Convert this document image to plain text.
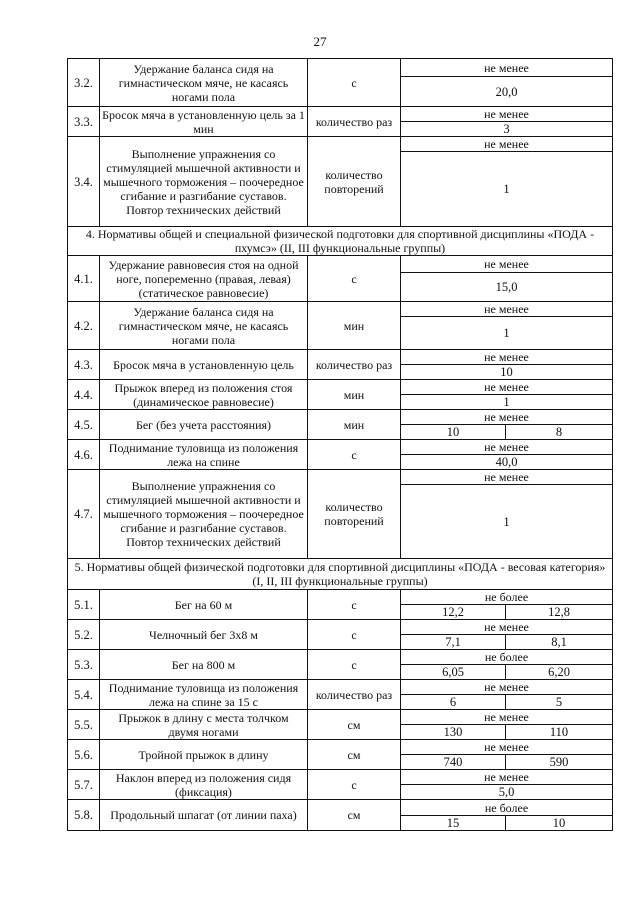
27
3.2.	Удержание баланса сидя на гимнастическом мяче, не касаясь ногами пола	с	не менее	
			20,0	
3.3.	Бросок мяча в установленную цель за 1 мин	количество раз	не менее	
			3	
3.4.	Выполнение упражнения со стимуляцией мышечной активности и мышечного торможения – поочередное сгибание и разгибание суставов. Повтор технических действий	количество повторений	не менее	
			1	
4. Нормативы общей и специальной физической подготовки для спортивной дисциплины «ПОДА - пхумсэ» (II, III функциональные группы)				
4.1.	Удержание равновесия стоя на одной ноге, попеременно (правая, левая) (статическое равновесие)	с	не менее	
			15,0	
4.2.	Удержание баланса сидя на гимнастическом мяче, не касаясь ногами пола	мин	не менее	
			1	
4.3.	Бросок мяча в установленную цель	количество раз	не менее	
			10	
4.4.	Прыжок вперед из положения стоя (динамическое равновесие)	мин	не менее	
			1	
4.5.	Бег (без учета расстояния)	мин	не менее	
			10	8
4.6.	Поднимание туловища из положения лежа на спине	с	не менее	
			40,0	
4.7.	Выполнение упражнения со стимуляцией мышечной активности и мышечного торможения – поочередное сгибание и разгибание суставов. Повтор технических действий	количество повторений	не менее	
			1	
5. Нормативы общей физической подготовки для спортивной дисциплины «ПОДА - весовая категория» (I, II, III функциональные группы)				
5.1.	Бег на 60 м	с	не более	
			12,2	12,8
5.2.	Челночный бег 3х8 м	с	не менее	
			7,1	8,1
5.3.	Бег на 800 м	с	не более	
			6,05	6,20
5.4.	Поднимание туловища из положения лежа на спине за 15 с	количество раз	не менее	
			6	5
5.5.	Прыжок в длину с места толчком двумя ногами	см	не менее	
			130	110
5.6.	Тройной прыжок в длину	см	не менее	
			740	590
5.7.	Наклон вперед из положения сидя (фиксация)	с	не менее	
			5,0	
5.8.	Продольный шпагат (от линии паха)	см	не более	
			15	10
